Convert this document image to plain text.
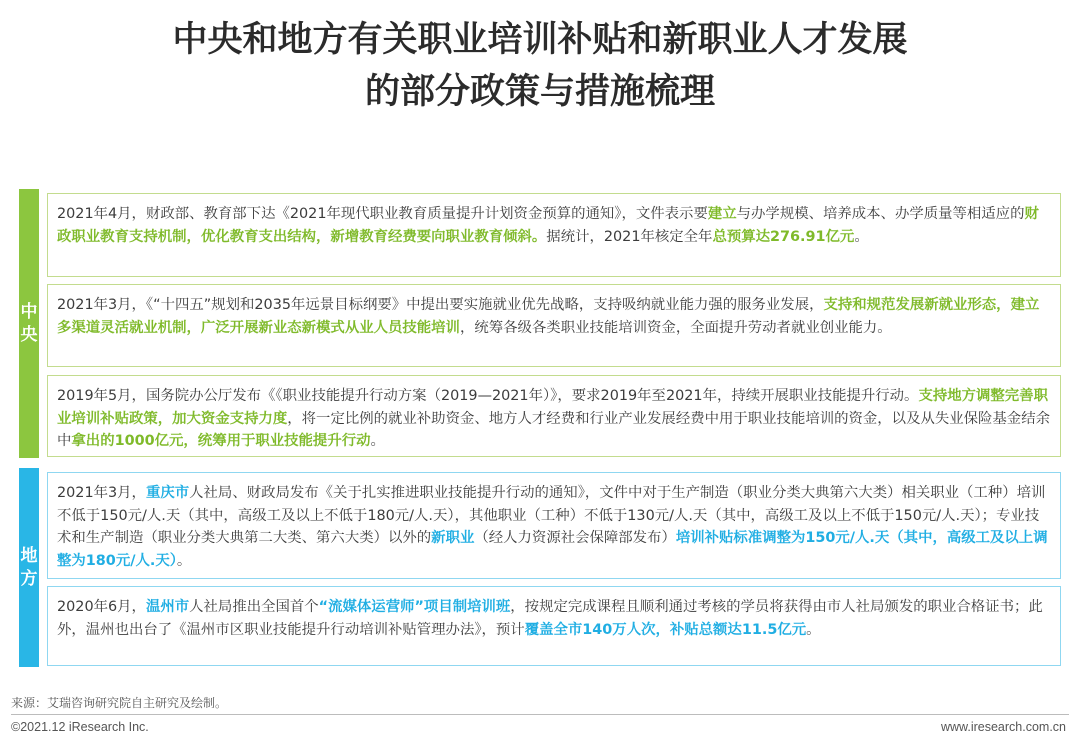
中央和地方有关职业培训补贴和新职业人才发展
的部分政策与措施梳理
中
央

2021年4月，财政部、教育部下达《2021年现代职业教育质量提升计划资金预算的通知》，文件表示要建立与办学规模、培养成本、办学质量等相适应的财政职业教育支持机制，优化教育支出结构，新增教育经费要向职业教育倾斜。据统计，2021年核定全年总预算达276.91亿元。

2021年3月，《“十四五”规划和2035年远景目标纲要》中提出要实施就业优先战略，支持吸纳就业能力强的服务业发展，支持和规范发展新就业形态，建立多渠道灵活就业机制，广泛开展新业态新模式从业人员技能培训，统筹各级各类职业技能培训资金，全面提升劳动者就业创业能力。

2019年5月，国务院办公厅发布《《职业技能提升行动方案（2019—2021年）》，要求2019年至2021年，持续开展职业技能提升行动。支持地方调整完善职业培训补贴政策，加大资金支持力度，将一定比例的就业补助资金、地方人才经费和行业产业发展经费中用于职业技能培训的资金，以及从失业保险基金结余中拿出的1000亿元，统筹用于职业技能提升行动。

地
方

2021年3月，重庆市人社局、财政局发布《关于扎实推进职业技能提升行动的通知》，文件中对于生产制造（职业分类大典第六大类）相关职业（工种）培训不低于150元/人.天（其中，高级工及以上不低于180元/人.天），其他职业（工种）不低于130元/人.天（其中，高级工及以上不低于150元/人.天）；专业技术和生产制造（职业分类大典第二大类、第六大类）以外的新职业（经人力资源社会保障部发布）培训补贴标准调整为150元/人.天（其中，高级工及以上调整为180元/人.天）。

2020年6月，温州市人社局推出全国首个“流媒体运营师”项目制培训班，按规定完成课程且顺利通过考核的学员将获得由市人社局颁发的职业合格证书；此外，温州也出台了《温州市区职业技能提升行动培训补贴管理办法》，预计覆盖全市140万人次，补贴总额达11.5亿元。

来源：艾瑞咨询研究院自主研究及绘制。
©2021.12 iResearch Inc.	www.iresearch.com.cn
